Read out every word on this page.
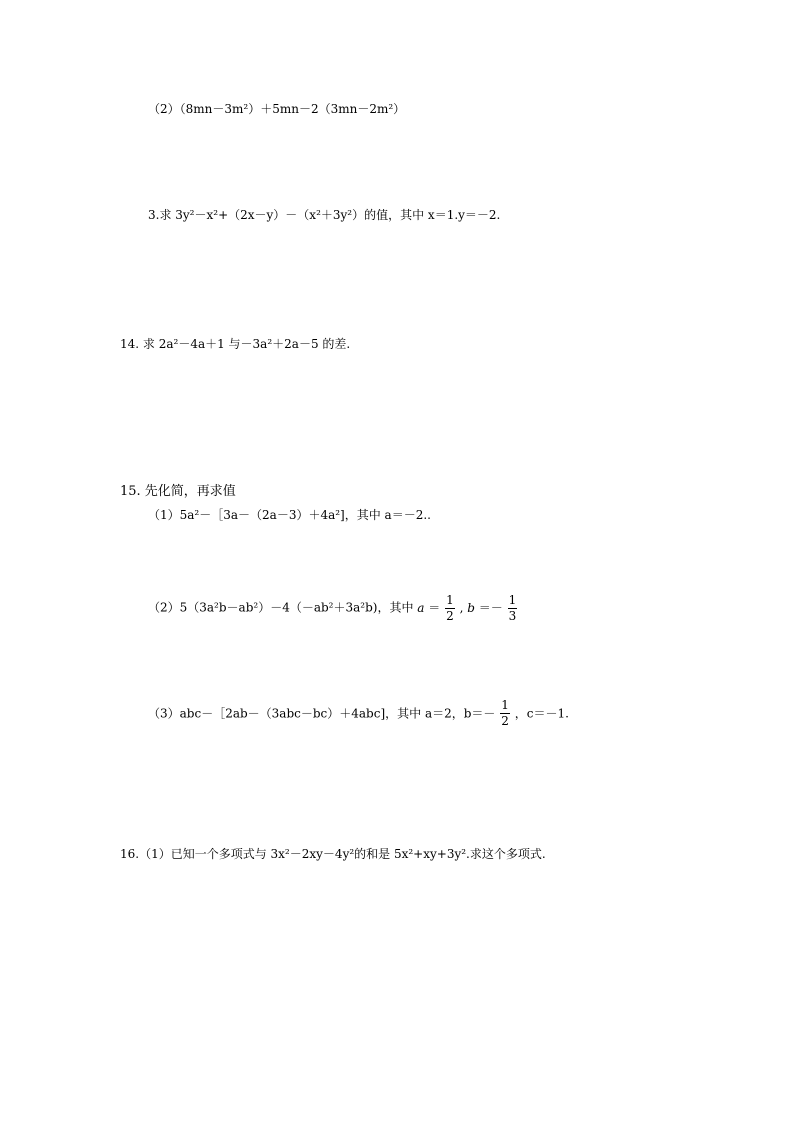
（2）（8mn－3m²）＋5mn－2（3mn－2m²）
3.求 3y²－x²+（2x－y）－（x²＋3y²）的值，其中 x＝1.y＝－2.
14. 求 2a²－4a＋1 与－3a²＋2a－5 的差.
15. 先化简，再求值
（1）5a²－［3a－（2a－3）＋4a²]，其中 a＝－2..
（2）5（3a²b－ab²）－4（－ab²＋3a²b)，其中 $a = \frac{1}{2}$ , $b =- \frac{1}{3}$
（3）abc－［2ab－（3abc－bc）＋4abc]，其中 a＝2，$b=- \frac{1}{2}$ ，c＝－1.
16.（1）已知一个多项式与 3x²－2xy－4y²的和是 5x²+xy+3y².求这个多项式.
